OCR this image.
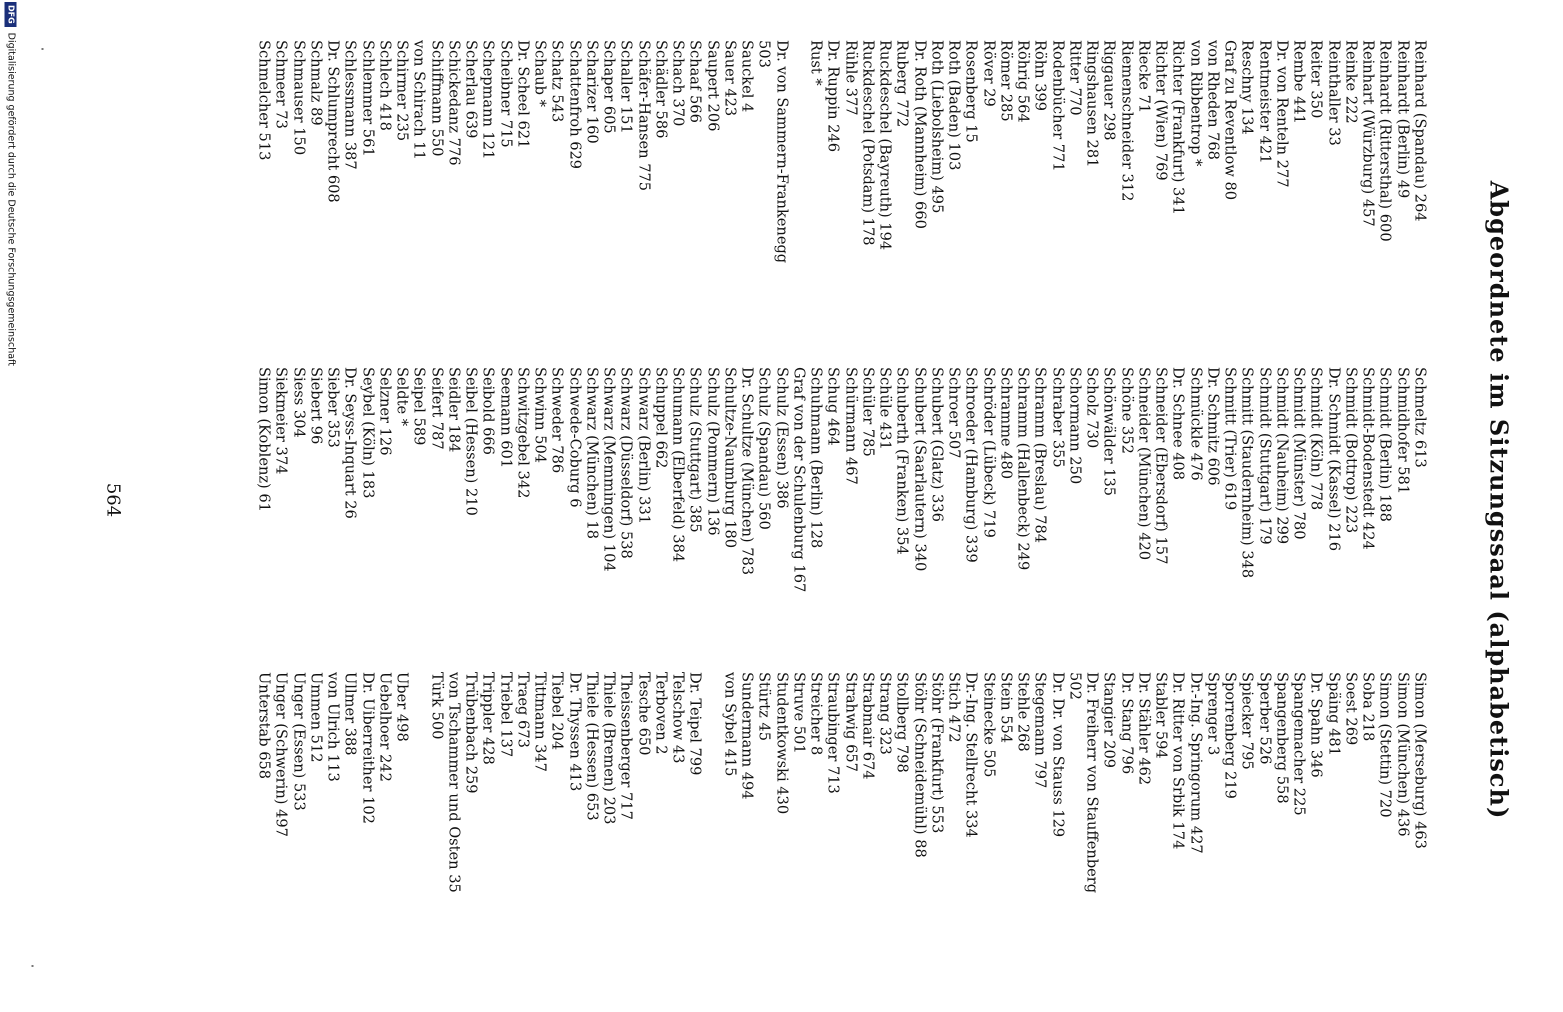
Abgeordnete im Sitzungssaal (alphabetisch)
Reinhard (Spandau) 264
Reinhardt (Berlin) 49
Reinhardt (Rittersthal) 600
Reinhart (Würzburg) 457
Reinke 222
Reinthaller 33
Reiter 350
Rembe 441
Dr. von Renteln 277
Rentmeister 421
Reschny 134
Graf zu Reventlow 80
von Rheden 768
von Ribbentrop *
Richter (Frankfurt) 341
Richter (Wien) 769
Riecke 71
Riemenschneider 312
Riggauer 298
Ringshausen 281
Ritter 770
Rodenbücher 771
Röhn 399
Röhrig 564
Römer 285
Röver 29
Rosenberg 15
Roth (Baden) 103
Roth (Liebolsheim) 495
Dr. Roth (Mannheim) 660
Ruberg 772
Ruckdeschel (Bayreuth) 194
Ruckdeschel (Potsdam) 178
Rühle 377
Dr. Ruppin 246
Rust *

Dr. von Sammern-Frankenegg
503
Sauckel 4
Sauer 423
Saupert 206
Schaaf 566
Schach 370
Schädler 586
Schäfer-Hansen 775
Schaller 151
Schaper 605
Scharizer 160
Schattenfroh 629
Schatz 543
Schaub *
Dr. Scheel 621
Scheibner 715
Schepmann 121
Scherlau 639
Schickedanz 776
Schiffmann 550
von Schirach 11
Schirmer 235
Schlech 418
Schlemmer 561
Schlessmann 387
Dr. Schlumprecht 608
Schmalz 89
Schmauser 150
Schmeer 73
Schmelcher 513
Schmeltz 613
Schmidhofer 581
Schmidt (Berlin) 188
Schmidt-Bodenstedt 424
Schmidt (Bottrop) 223
Dr. Schmidt (Kassel) 216
Schmidt (Köln) 778
Schmidt (Münster) 780
Schmidt (Nauheim) 299
Schmidt (Stuttgart) 179
Schmitt (Staudernheim) 348
Schmitt (Trier) 619
Dr. Schmitz 606
Schmückle 476
Dr. Schnee 408
Schneider (Ebersdorf) 157
Schneider (München) 420
Schöne 352
Schönwälder 135
Scholz 730
Schormann 250
Schraber 355
Schramm (Breslau) 784
Schramm (Hallenbeck) 249
Schramme 480
Schröder (Lübeck) 719
Schroeder (Hamburg) 339
Schroer 507
Schubert (Glatz) 336
Schubert (Saarlautern) 340
Schuberth (Franken) 354
Schüle 431
Schüler 785
Schürmann 467
Schug 464
Schuhmann (Berlin) 128
Graf von der Schulenburg 167
Schulz (Essen) 386
Schulz (Spandau) 560
Dr. Schultze (München) 783
Schultze-Naumburg 180
Schulz (Pommern) 136
Schulz (Stuttgart) 385
Schumann (Elberfeld) 384
Schuppel 662
Schwarz (Berlin) 331
Schwarz (Düsseldorf) 538
Schwarz (Memmingen) 104
Schwarz (München) 18
Schwede-Coburg 6
Schweder 786
Schwinn 504
Schwitzgebel 342
Seemann 601
Seibold 666
Seibel (Hessen) 210
Seidler 184
Seifert 787
Seipel 589
Seldte *
Selzner 126
Seybel (Köln) 183
Dr. Seyss-Inquart 26
Sieber 353
Siebert 96
Siess 304
Siekmeier 374
Simon (Koblenz) 61
Simon (Merseburg) 463
Simon (München) 436
Simon (Stettin) 720
Soba 218
Soest 269
Späing 481
Dr. Spahn 346
Spangemacher 225
Spangenberg 558
Sperber 526
Spiecker 795
Sporrenberg 219
Sprenger 3
Dr.-Ing. Springorum 427
Dr. Ritter von Srbik 174
Stabler 594
Dr. Stähler 462
Dr. Stang 796
Stangier 209
Dr. Freiherr von Stauffenberg
502
Dr. Dr. von Stauss 129
Stegemann 797
Stehle 268
Stein 554
Steinecke 505
Dr.-Ing. Stellrecht 334
Stich 472
Stöhr (Frankfurt) 553
Stöhr (Schneidemühl) 88
Stollberg 798
Strang 323
Strabmair 674
Strahwig 657
Straubinger 713
Streicher 8
Struve 501
Studentkowski 430
Stürtz 45
Sundermann 494
von Sybel 415

Dr. Teipel 799
Telschow 43
Terboven 2
Tesche 650
Theissenberger 717
Thiele (Bremen) 203
Thiele (Hessen) 653
Dr. Thyssen 413
Tiebel 204
Tittmann 347
Traeg 673
Triebel 137
Trippler 428
Trübenbach 259
von Tschammer und Osten 35
Türk 500

Uber 498
Uebelhoer 242
Dr. Uiberreither 102
Ullmer 388
von Ulrich 113
Ummen 512
Unger (Essen) 533
Unger (Schwerin) 497
Unterstab 658
564
DFGDigitalisierung gefördert durch die Deutsche Forschungsgemeinschaft
